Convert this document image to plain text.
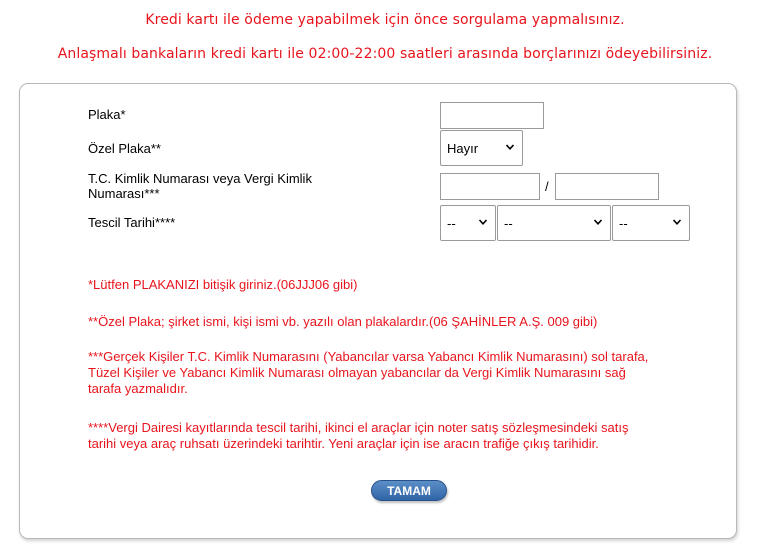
Kredi kartı ile ödeme yapabilmek için önce sorgulama yapmalısınız.
Anlaşmalı bankaların kredi kartı ile 02:00-22:00 saatleri arasında borçlarınızı ödeyebilirsiniz.
Plaka*
Özel Plaka**	Hayır
T.C. Kimlik Numarası veya Vergi Kimlik
Numarası***	/
Tescil Tarihi****	--	--	--
*Lütfen PLAKANIZI bitişik giriniz.(06JJJ06 gibi)
**Özel Plaka; şirket ismi, kişi ismi vb. yazılı olan plakalardır.(06 ŞAHİNLER A.Ş. 009 gibi)
***Gerçek Kişiler T.C. Kimlik Numarasını (Yabancılar varsa Yabancı Kimlik Numarasını) sol tarafa,
Tüzel Kişiler ve Yabancı Kimlik Numarası olmayan yabancılar da Vergi Kimlik Numarasını sağ
tarafa yazmalıdır.
****Vergi Dairesi kayıtlarında tescil tarihi, ikinci el araçlar için noter satış sözleşmesindeki satış
tarihi veya araç ruhsatı üzerindeki tarihtir. Yeni araçlar için ise aracın trafiğe çıkış tarihidir.
TAMAM
